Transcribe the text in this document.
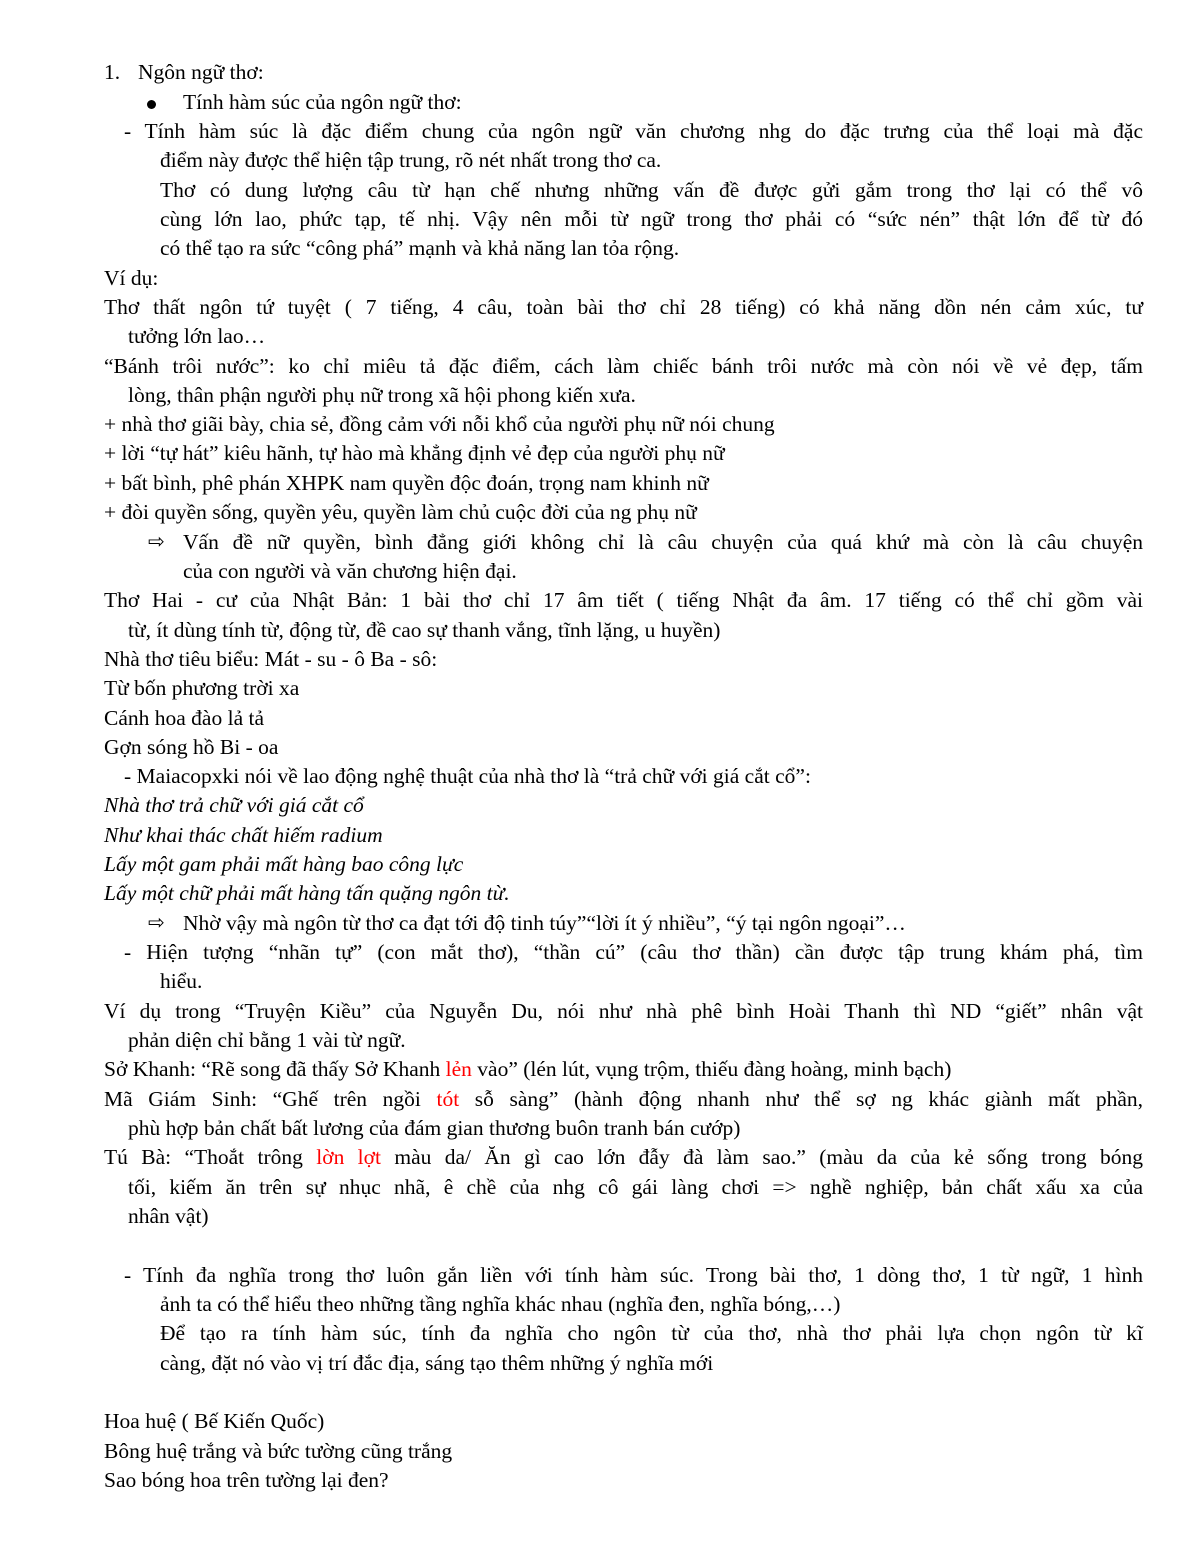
1. Ngôn ngữ thơ:
Tính hàm súc của ngôn ngữ thơ:
- Tính hàm súc là đặc điểm chung của ngôn ngữ văn chương nhg do đặc trưng của thể loại mà đặc
điểm này được thể hiện tập trung, rõ nét nhất trong thơ ca.
Thơ có dung lượng câu từ hạn chế nhưng những vấn đề được gửi gắm trong thơ lại có thể vô
cùng lớn lao, phức tạp, tế nhị. Vậy nên mỗi từ ngữ trong thơ phải có “sức nén” thật lớn để từ đó
có thể tạo ra sức “công phá” mạnh và khả năng lan tỏa rộng.
Ví dụ:
Thơ thất ngôn tứ tuyệt ( 7 tiếng, 4 câu, toàn bài thơ chỉ 28 tiếng) có khả năng dồn nén cảm xúc, tư
tưởng lớn lao…
“Bánh trôi nước”: ko chỉ miêu tả đặc điểm, cách làm chiếc bánh trôi nước mà còn nói về vẻ đẹp, tấm
lòng, thân phận người phụ nữ trong xã hội phong kiến xưa.
+ nhà thơ giãi bày, chia sẻ, đồng cảm với nỗi khổ của người phụ nữ nói chung
+ lời “tự hát” kiêu hãnh, tự hào mà khẳng định vẻ đẹp của người phụ nữ
+ bất bình, phê phán XHPK nam quyền độc đoán, trọng nam khinh nữ
+ đòi quyền sống, quyền yêu, quyền làm chủ cuộc đời của ng phụ nữ
⇨ Vấn đề nữ quyền, bình đẳng giới không chỉ là câu chuyện của quá khứ mà còn là câu chuyện
của con người và văn chương hiện đại.
Thơ Hai - cư của Nhật Bản: 1 bài thơ chỉ 17 âm tiết ( tiếng Nhật đa âm. 17 tiếng có thể chỉ gồm vài
từ, ít dùng tính từ, động từ, đề cao sự thanh vắng, tĩnh lặng, u huyền)
Nhà thơ tiêu biểu: Mát - su - ô Ba - sô:
Từ bốn phương trời xa
Cánh hoa đào lả tả
Gợn sóng hồ Bi - oa
- Maiacopxki nói về lao động nghệ thuật của nhà thơ là “trả chữ với giá cắt cổ”:
Nhà thơ trả chữ với giá cắt cổ
Như khai thác chất hiếm radium
Lấy một gam phải mất hàng bao công lực
Lấy một chữ phải mất hàng tấn quặng ngôn từ.
⇨ Nhờ vậy mà ngôn từ thơ ca đạt tới độ tinh túy”“lời ít ý nhiều”, “ý tại ngôn ngoại”…
- Hiện tượng “nhãn tự” (con mắt thơ), “thần cú” (câu thơ thần) cần được tập trung khám phá, tìm
hiểu.
Ví dụ trong “Truyện Kiều” của Nguyễn Du, nói như nhà phê bình Hoài Thanh thì ND “giết” nhân vật
phản diện chỉ bằng 1 vài từ ngữ.
Sở Khanh: “Rẽ song đã thấy Sở Khanh lẻn vào” (lén lút, vụng trộm, thiếu đàng hoàng, minh bạch)
Mã Giám Sinh: “Ghế trên ngồi tót sỗ sàng” (hành động nhanh như thể sợ ng khác giành mất phần,
phù hợp bản chất bất lương của đám gian thương buôn tranh bán cướp)
Tú Bà: “Thoắt trông lờn lợt màu da/ Ăn gì cao lớn đẫy đà làm sao.” (màu da của kẻ sống trong bóng
tối, kiếm ăn trên sự nhục nhã, ê chề của nhg cô gái làng chơi => nghề nghiệp, bản chất xấu xa của
nhân vật)
- Tính đa nghĩa trong thơ luôn gắn liền với tính hàm súc. Trong bài thơ, 1 dòng thơ, 1 từ ngữ, 1 hình
ảnh ta có thể hiểu theo những tầng nghĩa khác nhau (nghĩa đen, nghĩa bóng,…)
Để tạo ra tính hàm súc, tính đa nghĩa cho ngôn từ của thơ, nhà thơ phải lựa chọn ngôn từ kĩ
càng, đặt nó vào vị trí đắc địa, sáng tạo thêm những ý nghĩa mới
Hoa huệ ( Bế Kiến Quốc)
Bông huệ trắng và bức tường cũng trắng
Sao bóng hoa trên tường lại đen?
